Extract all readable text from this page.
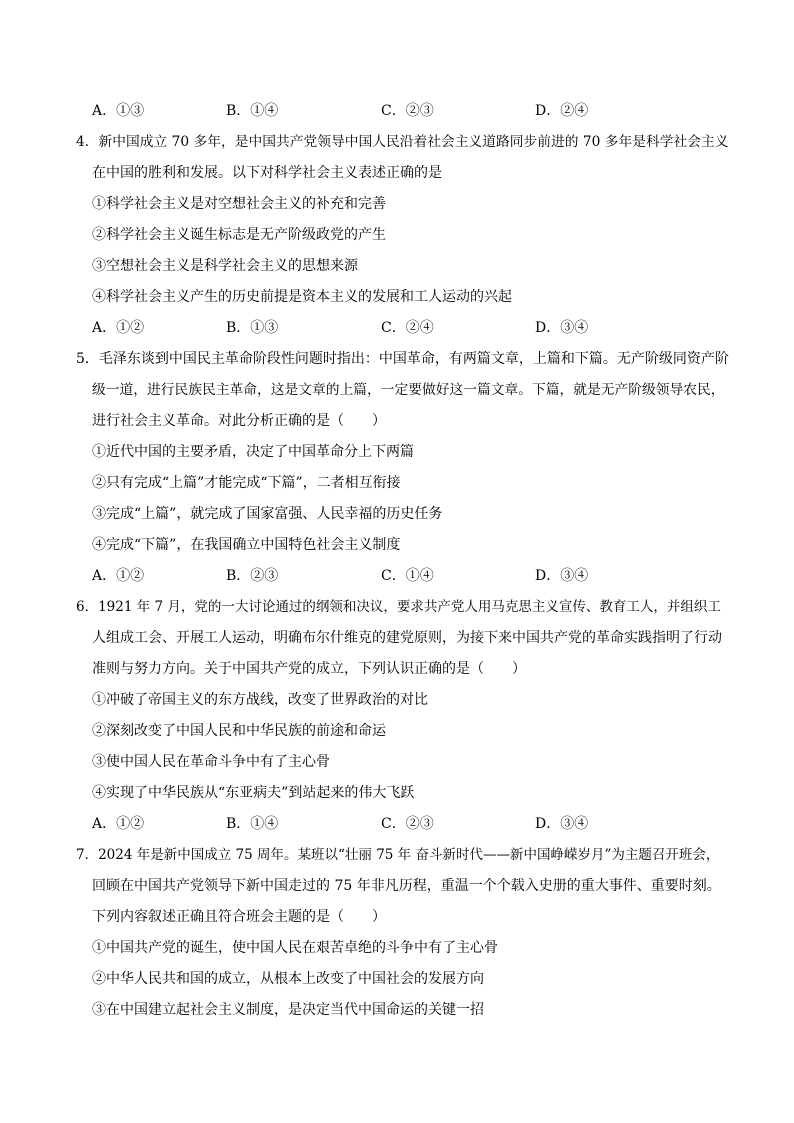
A．①③	B．①④	C．②③	D．②④
4．新中国成立 70 多年，是中国共产党领导中国人民沿着社会主义道路同步前进的 70 多年是科学社会主义
在中国的胜利和发展。以下对科学社会主义表述正确的是
①科学社会主义是对空想社会主义的补充和完善
②科学社会主义诞生标志是无产阶级政党的产生
③空想社会主义是科学社会主义的思想来源
④科学社会主义产生的历史前提是资本主义的发展和工人运动的兴起
A．①②	B．①③	C．②④	D．③④
5．毛泽东谈到中国民主革命阶段性问题时指出：中国革命，有两篇文章，上篇和下篇。无产阶级同资产阶
级一道，进行民族民主革命，这是文章的上篇，一定要做好这一篇文章。下篇，就是无产阶级领导农民，
进行社会主义革命。对此分析正确的是（　　）
①近代中国的主要矛盾，决定了中国革命分上下两篇
②只有完成“上篇”才能完成“下篇”，二者相互衔接
③完成“上篇”，就完成了国家富强、人民幸福的历史任务
④完成“下篇”，在我国确立中国特色社会主义制度
A．①②	B．②③	C．①④	D．③④
6．1921 年 7 月，党的一大讨论通过的纲领和决议，要求共产党人用马克思主义宣传、教育工人，并组织工
人组成工会、开展工人运动，明确布尔什维克的建党原则，为接下来中国共产党的革命实践指明了行动
准则与努力方向。关于中国共产党的成立，下列认识正确的是（　　）
①冲破了帝国主义的东方战线，改变了世界政治的对比
②深刻改变了中国人民和中华民族的前途和命运
③使中国人民在革命斗争中有了主心骨
④实现了中华民族从“东亚病夫”到站起来的伟大飞跃
A．①②	B．①④	C．②③	D．③④
7．2024 年是新中国成立 75 周年。某班以“壮丽 75 年 奋斗新时代——新中国峥嵘岁月”为主题召开班会，
回顾在中国共产党领导下新中国走过的 75 年非凡历程，重温一个个载入史册的重大事件、重要时刻。
下列内容叙述正确且符合班会主题的是（　　）
①中国共产党的诞生，使中国人民在艰苦卓绝的斗争中有了主心骨
②中华人民共和国的成立，从根本上改变了中国社会的发展方向
③在中国建立起社会主义制度，是决定当代中国命运的关键一招
